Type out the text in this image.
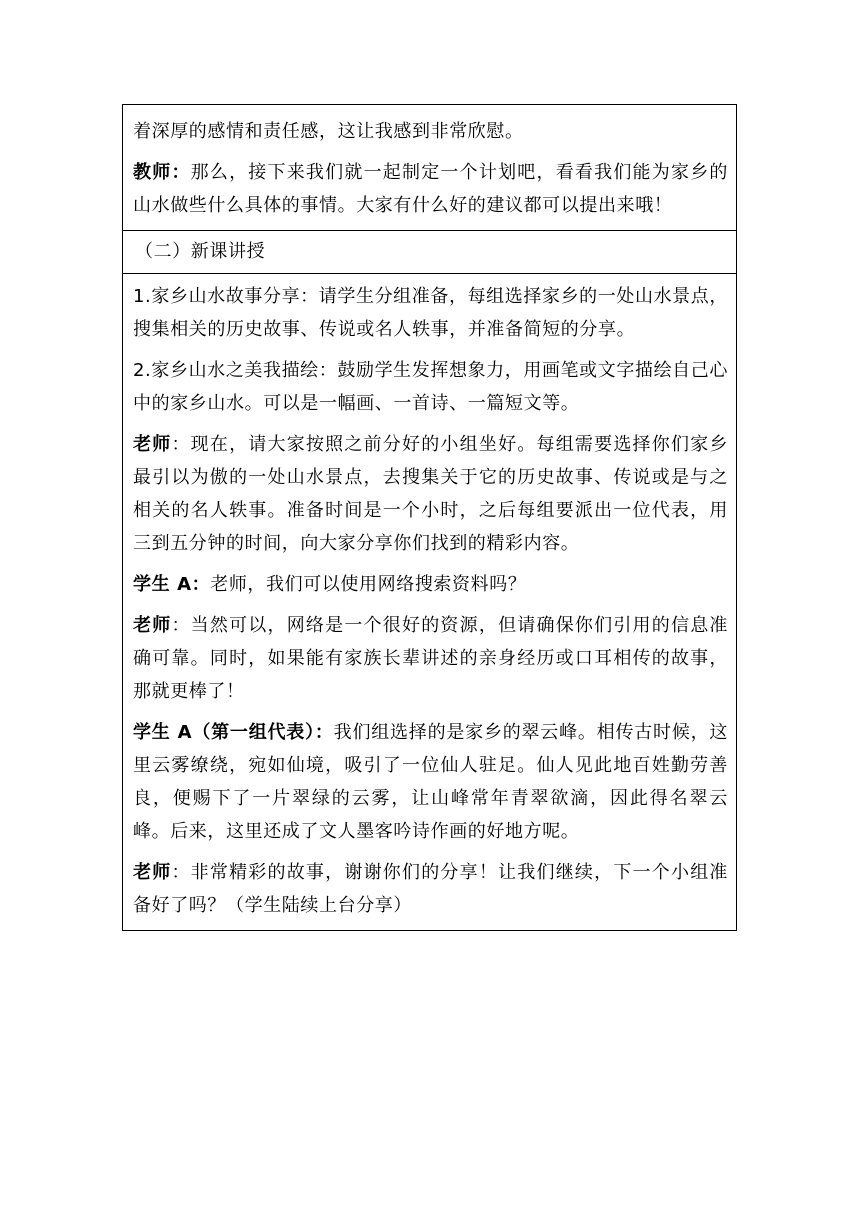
着深厚的感情和责任感，这让我感到非常欣慰。

教师：那么，接下来我们就一起制定一个计划吧，看看我们能为家乡的山水做些什么具体的事情。大家有什么好的建议都可以提出来哦！

（二）新课讲授

1.家乡山水故事分享：请学生分组准备，每组选择家乡的一处山水景点，搜集相关的历史故事、传说或名人轶事，并准备简短的分享。

2.家乡山水之美我描绘：鼓励学生发挥想象力，用画笔或文字描绘自己心中的家乡山水。可以是一幅画、一首诗、一篇短文等。

老师：现在，请大家按照之前分好的小组坐好。每组需要选择你们家乡最引以为傲的一处山水景点，去搜集关于它的历史故事、传说或是与之相关的名人轶事。准备时间是一个小时，之后每组要派出一位代表，用三到五分钟的时间，向大家分享你们找到的精彩内容。

学生 A：老师，我们可以使用网络搜索资料吗？

老师：当然可以，网络是一个很好的资源，但请确保你们引用的信息准确可靠。同时，如果能有家族长辈讲述的亲身经历或口耳相传的故事，那就更棒了！

学生 A（第一组代表）：我们组选择的是家乡的翠云峰。相传古时候，这里云雾缭绕，宛如仙境，吸引了一位仙人驻足。仙人见此地百姓勤劳善良，便赐下了一片翠绿的云雾，让山峰常年青翠欲滴，因此得名翠云峰。后来，这里还成了文人墨客吟诗作画的好地方呢。

老师：非常精彩的故事，谢谢你们的分享！让我们继续，下一个小组准备好了吗？（学生陆续上台分享）
